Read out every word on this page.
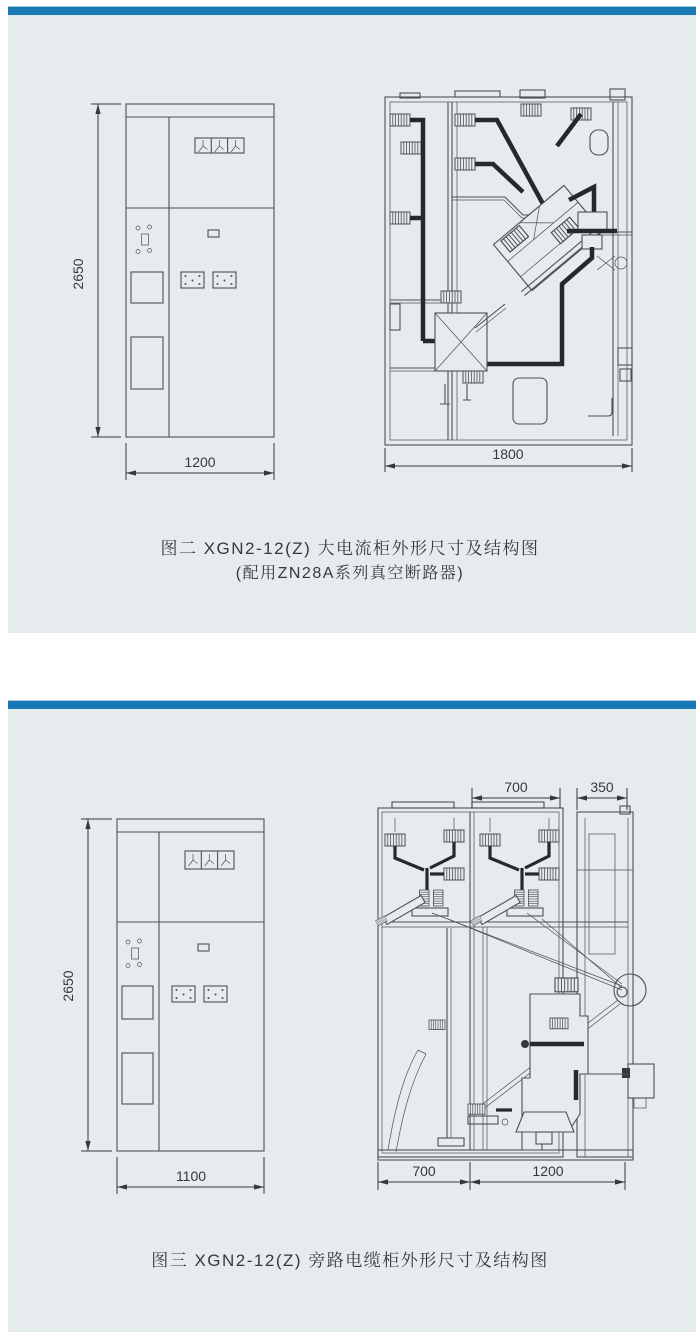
2650
1200	1800
图二 XGN2-12(Z) 大电流柜外形尺寸及结构图
(配用ZN28A系列真空断路器)
2650
1100
700	350
700	1200
图三 XGN2-12(Z) 旁路电缆柜外形尺寸及结构图
